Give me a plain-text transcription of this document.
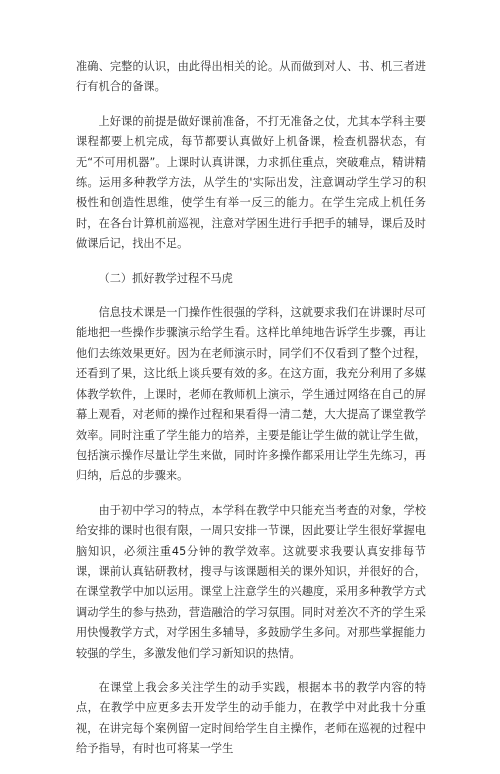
准确、完整的认识，由此得出相关的论。从而做到对人、书、机三者进行有机合的备课。

上好课的前提是做好课前准备，不打无准备之仗，尤其本学科主要课程都要上机完成，每节都要认真做好上机备课，检查机器状态，有无“不可用机器”。上课时认真讲课，力求抓住重点，突破难点，精讲精练。运用多种教学方法，从学生的'实际出发，注意调动学生学习的积极性和创造性思维，使学生有举一反三的能力。在学生完成上机任务时，在各台计算机前巡视，注意对学困生进行手把手的辅导，课后及时做课后记，找出不足。

（二）抓好教学过程不马虎

信息技术课是一门操作性很强的学科，这就要求我们在讲课时尽可能地把一些操作步骤演示给学生看。这样比单纯地告诉学生步骤，再让他们去练效果更好。因为在老师演示时，同学们不仅看到了整个过程，还看到了果，这比纸上谈兵要有效的多。在这方面，我充分利用了多媒体教学软件，上课时，老师在教师机上演示，学生通过网络在自己的屏幕上观看，对老师的操作过程和果看得一清二楚，大大提高了课堂教学效率。同时注重了学生能力的培养，主要是能让学生做的就让学生做，包括演示操作尽量让学生来做，同时许多操作都采用让学生先练习，再归纳，后总的步骤来。

由于初中学习的特点，本学科在教学中只能充当考查的对象，学校给安排的课时也很有限，一周只安排一节课，因此要让学生很好掌握电脑知识，必须注重45分钟的教学效率。这就要求我要认真安排每节课，课前认真钻研教材，搜寻与该课题相关的课外知识，并很好的合，在课堂教学中加以运用。课堂上注意学生的兴趣度，采用多种教学方式调动学生的参与热劲，营造融洽的学习氛围。同时对差次不齐的学生采用快慢教学方式，对学困生多辅导，多鼓励学生多问。对那些掌握能力较强的学生，多激发他们学习新知识的热情。

在课堂上我会多关注学生的动手实践，根据本书的教学内容的特点，在教学中应更多去开发学生的动手能力，在教学中对此我十分重视，在讲完每个案例留一定时间给学生自主操作，老师在巡视的过程中给予指导，有时也可将某一学生
